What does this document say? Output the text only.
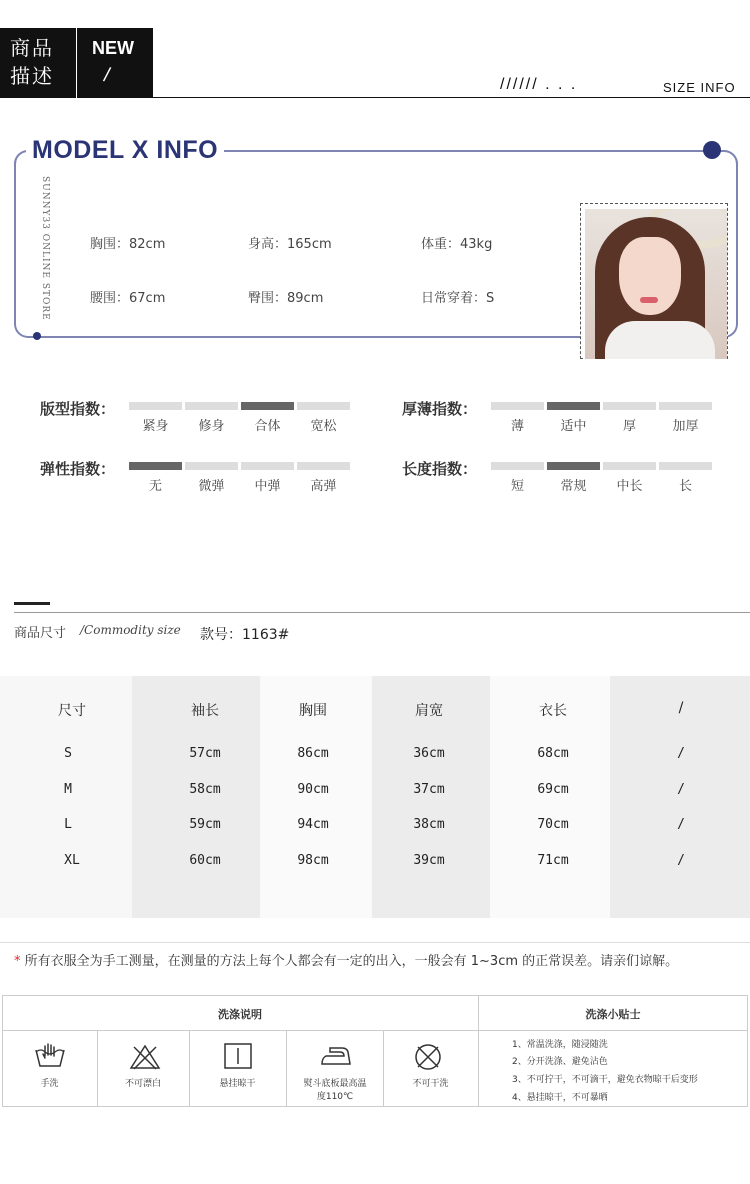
商品描述
NEW
/	////// . . .	SIZE INFO
MODEL X INFO
SUNNY33 ONLINE STORE	胸围：82cm	身高：165cm	体重：43kg
腰围：67cm	臀围：89cm	日常穿着：S
版型指数：
紧身	修身	合体	宽松
厚薄指数：
薄	适中	厚	加厚
弹性指数：
无	微弹	中弹	高弹
长度指数：
短	常规	中长	长
商品尺寸 /Commodity size 款号：1163#
尺寸	袖长	胸围	肩宽	衣长	/
S	57cm	86cm	36cm	68cm	/
M	58cm	90cm	37cm	69cm	/
L	59cm	94cm	38cm	70cm	/
XL	60cm	98cm	39cm	71cm	/
* 所有衣服全为手工测量，在测量的方法上每个人都会有一定的出入，一般会有 1~3cm 的正常误差。请亲们谅解。
洗涤说明	洗涤小贴士
手洗	不可漂白	悬挂晾干	熨斗底板最高温度110℃
不可干洗
1、常温洗涤，随浸随洗
2、分开洗涤、避免沾色
3、不可拧干，不可滴干，避免衣物晾干后变形
4、悬挂晾干，不可暴晒
